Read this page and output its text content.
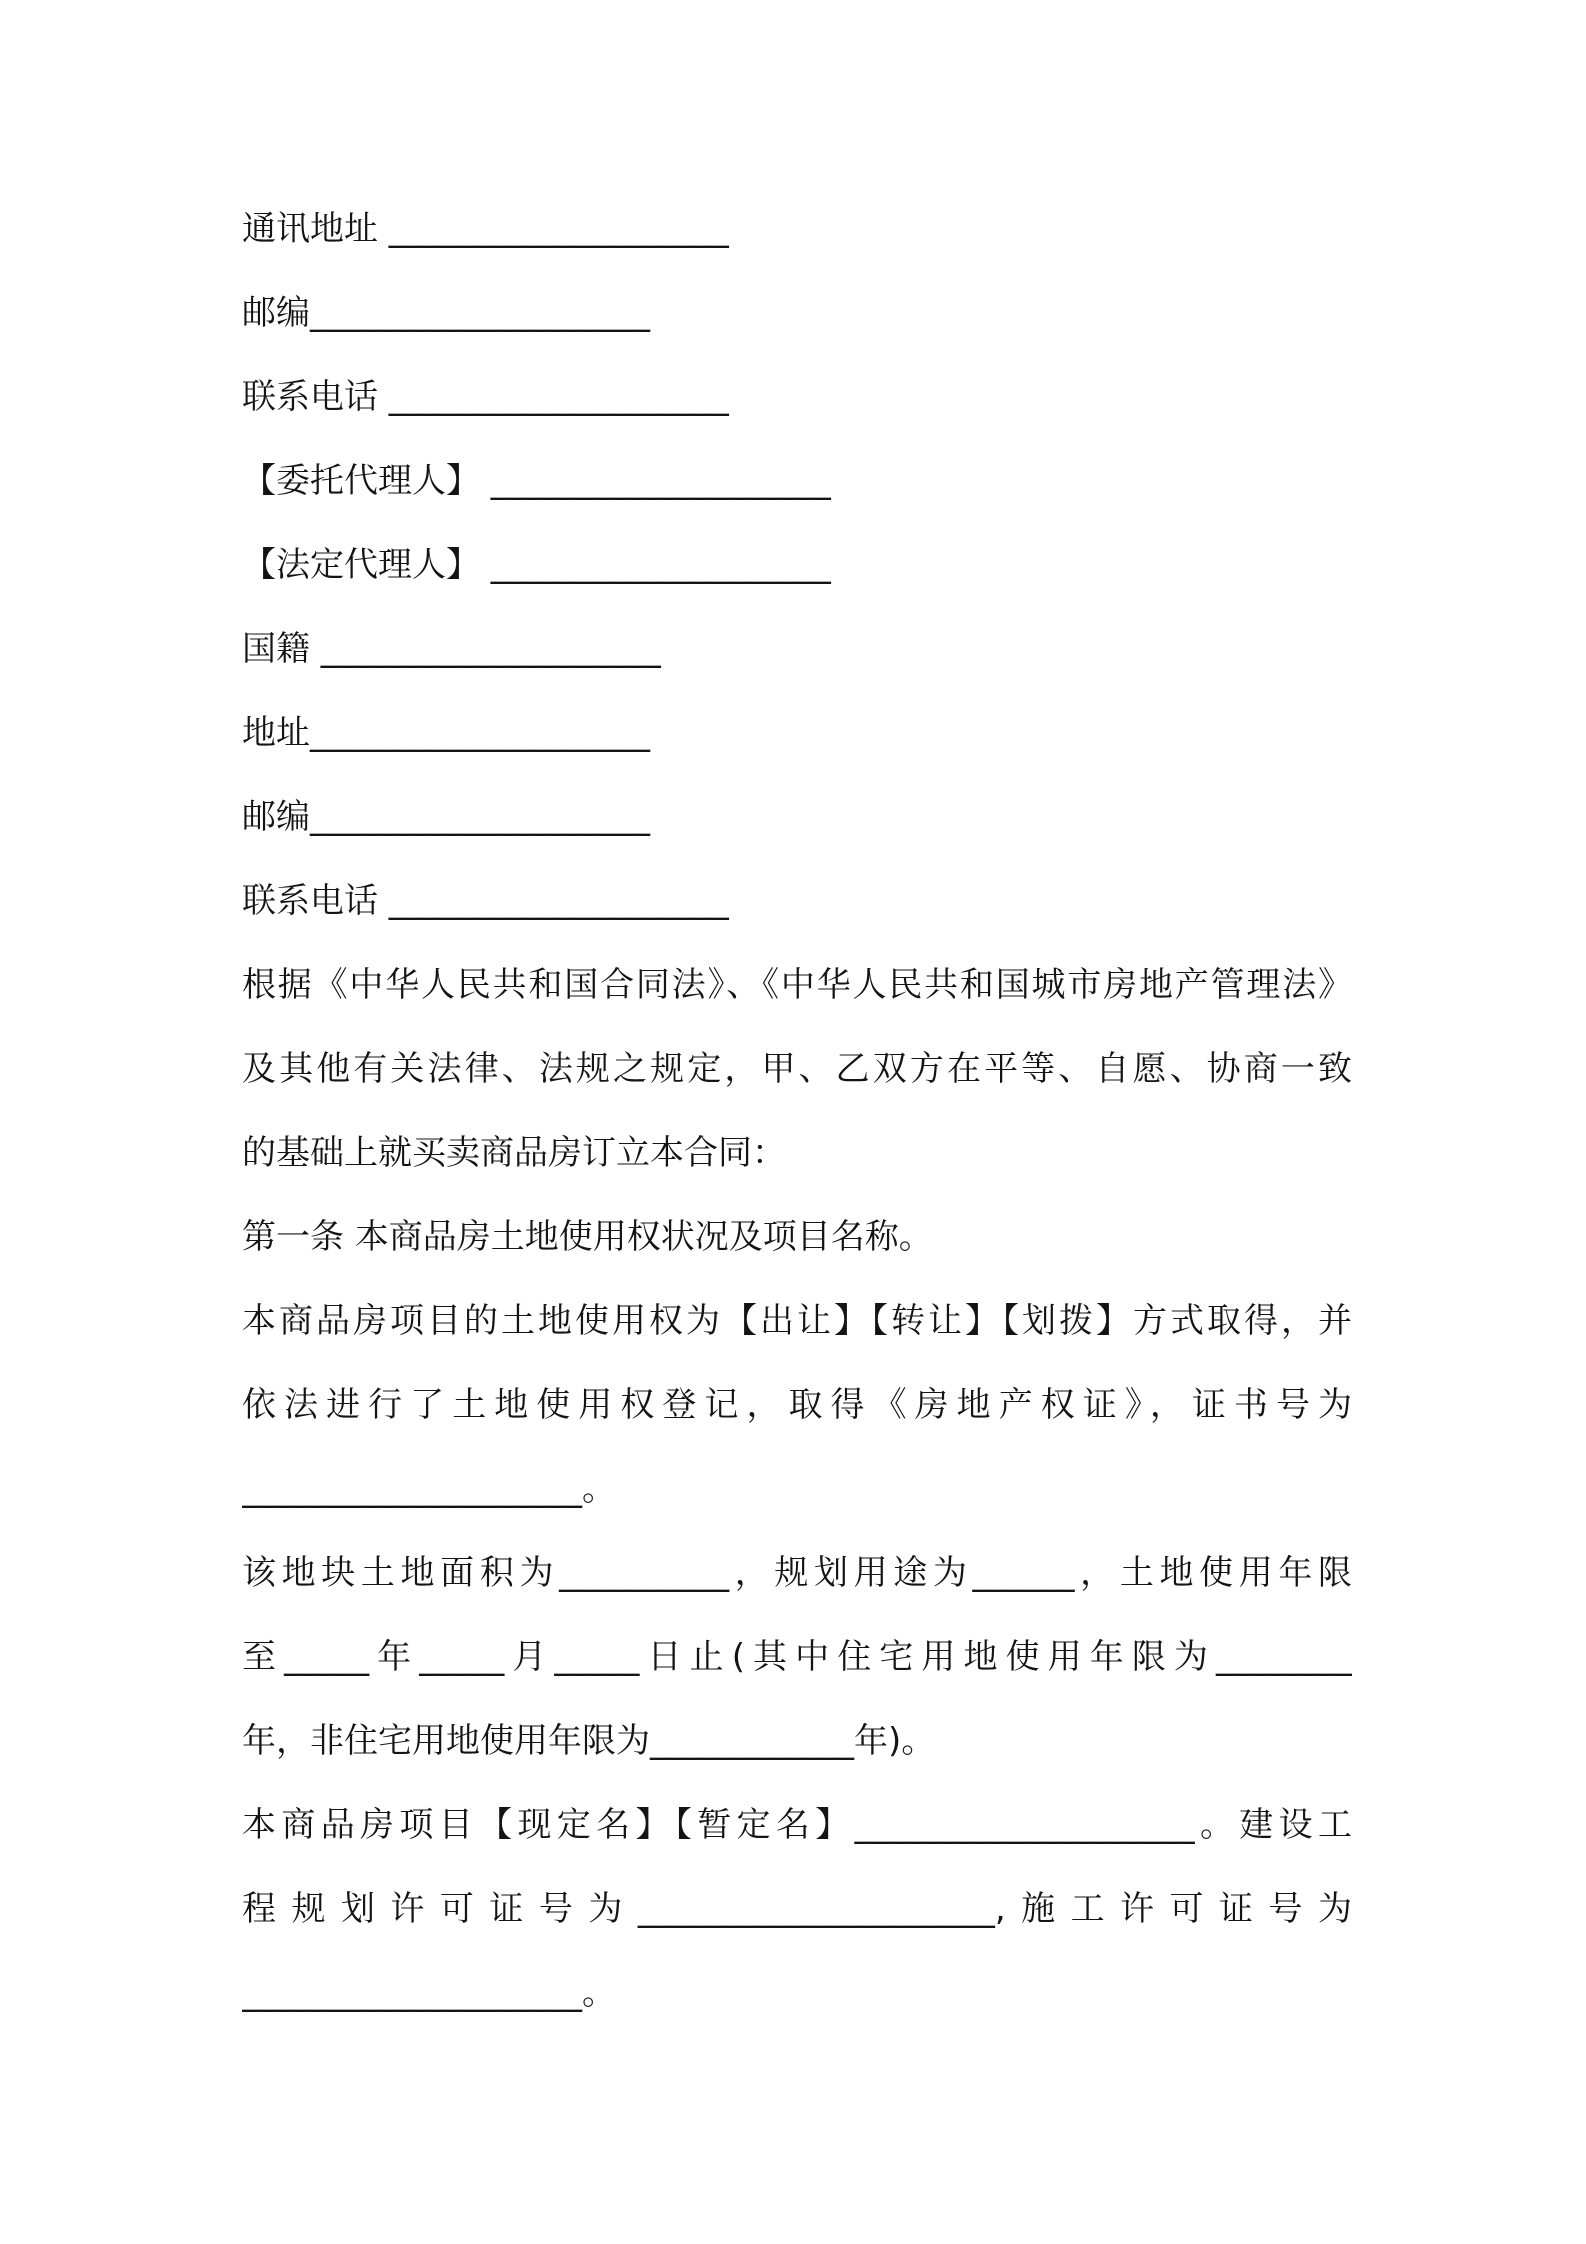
通讯地址 ____________________
邮编____________________
联系电话 ____________________
【委托代理人】 ____________________
【法定代理人】 ____________________
国籍 ____________________
地址____________________
邮编____________________
联系电话 ____________________
根据《中华人民共和国合同法》、《中华人民共和国城市房地产管理法》
及其他有关法律、法规之规定，甲、乙双方在平等、自愿、协商一致
的基础上就买卖商品房订立本合同：
第一条 本商品房土地使用权状况及项目名称。
本商品房项目的土地使用权为【出让】【转让】【划拨】方式取得，并
依法进行了土地使用权登记，取得《房地产权证》，证书号为
____________________。
该地块土地面积为__________，规划用途为______，土地使用年限
至_____年_____月_____日止(其中住宅用地使用年限为________
年，非住宅用地使用年限为____________年)。
本商品房项目【现定名】【暂定名】____________________。建设工
程规划许可证号为_____________________,施工许可证号为
____________________。
